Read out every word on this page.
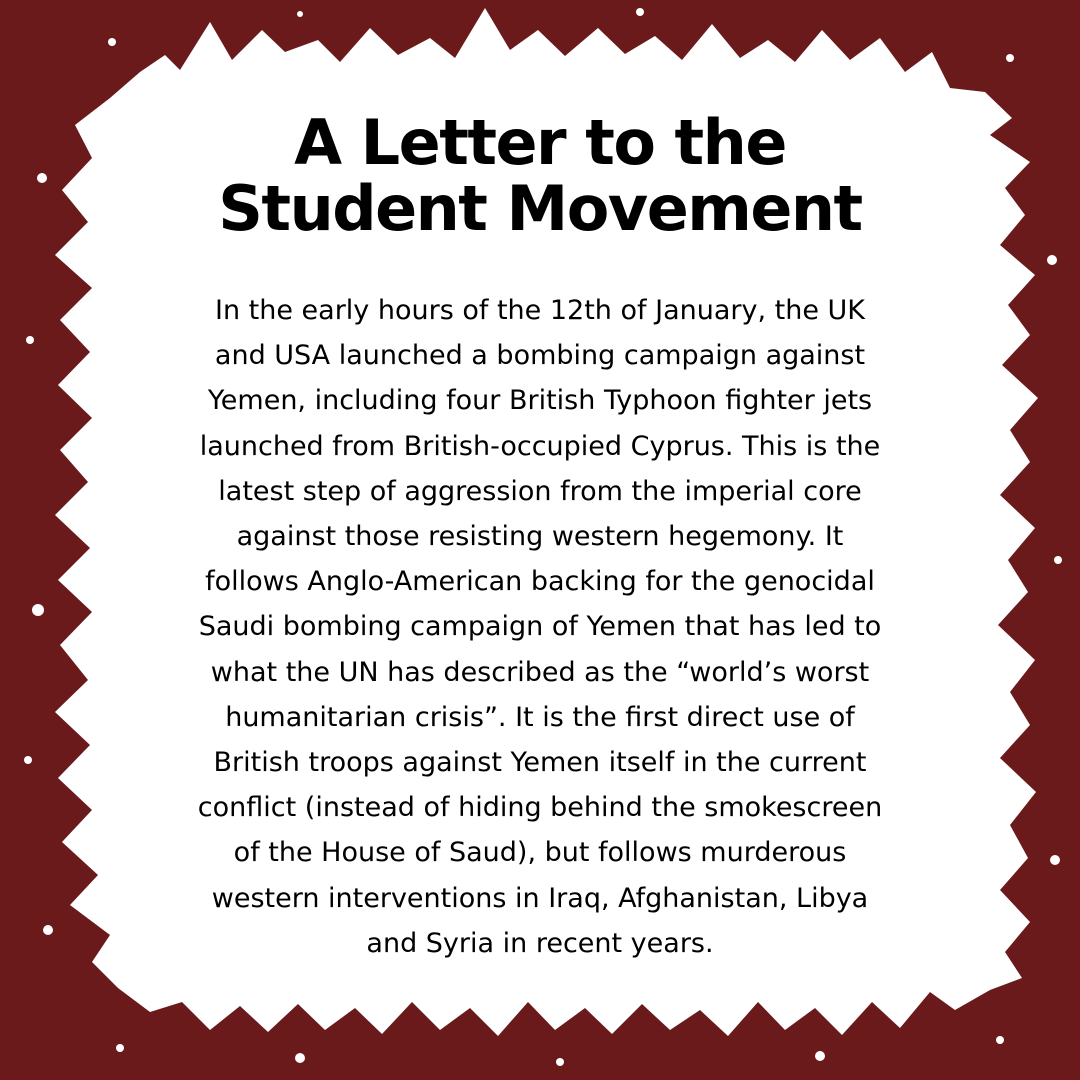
A Letter to the
Student Movement
In the early hours of the 12th of January, the UK
and USA launched a bombing campaign against
Yemen, including four British Typhoon fighter jets
launched from British-occupied Cyprus. This is the
latest step of aggression from the imperial core
against those resisting western hegemony. It
follows Anglo-American backing for the genocidal
Saudi bombing campaign of Yemen that has led to
what the UN has described as the “world’s worst
humanitarian crisis”. It is the first direct use of
British troops against Yemen itself in the current
conflict (instead of hiding behind the smokescreen
of the House of Saud), but follows murderous
western interventions in Iraq, Afghanistan, Libya
and Syria in recent years.
